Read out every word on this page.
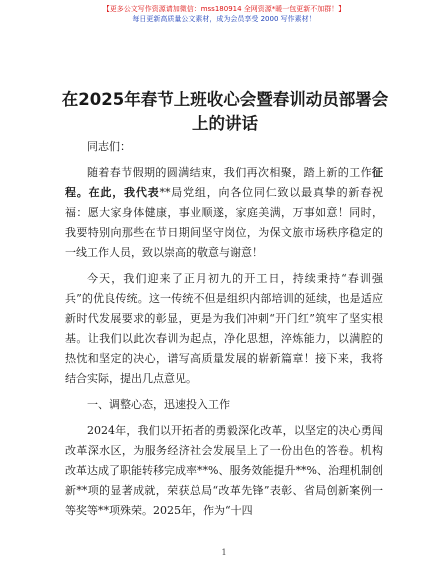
【更多公文写作资源请加微信：mss180914 全网资源*暖一包更新不加群！】
每日更新高质量公文素材，成为会员享受 2000 写作素材！
在2025年春节上班收心会暨春训动员部署会上的讲话

同志们：

随着春节假期的圆满结束，我们再次相聚，踏上新的工作征程。在此，我代表**局党组，向各位同仁致以最真挚的新春祝福：愿大家身体健康，事业顺遂，家庭美满，万事如意！同时，我要特别向那些在节日期间坚守岗位，为保文旅市场秩序稳定的一线工作人员，致以崇高的敬意与谢意！

今天，我们迎来了正月初九的开工日，持续秉持“春训强兵”的优良传统。这一传统不但是组织内部培训的延续，也是适应新时代发展要求的彰显，更是为我们冲刺“开门红”筑牢了坚实根基。让我们以此次春训为起点，净化思想，淬炼能力，以满腔的热忱和坚定的决心，谱写高质量发展的崭新篇章！接下来，我将结合实际，提出几点意见。

一、调整心态，迅速投入工作

2024年，我们以开拓者的勇毅深化改革，以坚定的决心勇闯改革深水区，为服务经济社会发展呈上了一份出色的答卷。机构改革达成了职能转移完成率**%、服务效能提升**%、治理机制创新**项的显著成就，荣获总局“改革先锋”表彰、省局创新案例一等奖等**项殊荣。2025年，作为“十四

1
